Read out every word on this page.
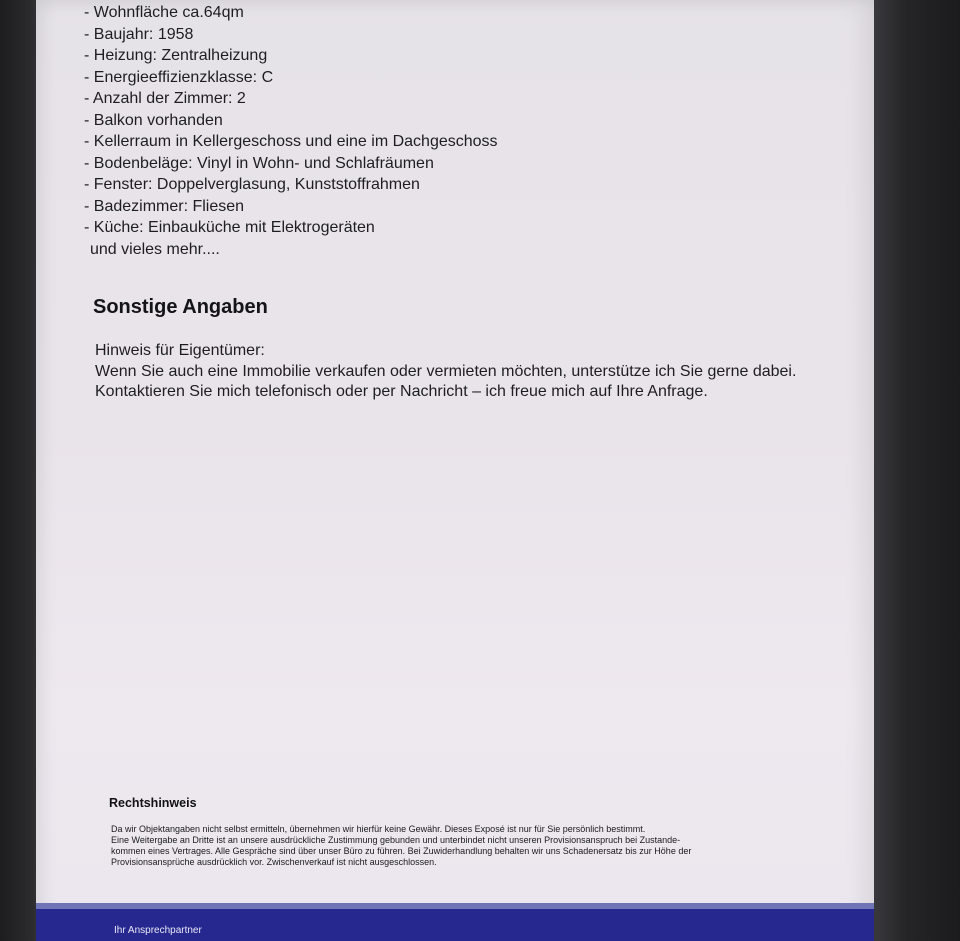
- Wohnfläche ca.64qm
- Baujahr: 1958
- Heizung: Zentralheizung
- Energieeffizienzklasse: C
- Anzahl der Zimmer: 2
- Balkon vorhanden
- Kellerraum in Kellergeschoss und eine im Dachgeschoss
- Bodenbeläge: Vinyl in Wohn- und Schlafräumen
- Fenster: Doppelverglasung, Kunststoffrahmen
- Badezimmer: Fliesen
- Küche: Einbauküche mit Elektrogeräten
und vieles mehr....
Sonstige Angaben
Hinweis für Eigentümer:
Wenn Sie auch eine Immobilie verkaufen oder vermieten möchten, unterstütze ich Sie gerne dabei.
Kontaktieren Sie mich telefonisch oder per Nachricht – ich freue mich auf Ihre Anfrage.
Rechtshinweis
Da wir Objektangaben nicht selbst ermitteln, übernehmen wir hierfür keine Gewähr. Dieses Exposé ist nur für Sie persönlich bestimmt.
Eine Weitergabe an Dritte ist an unsere ausdrückliche Zustimmung gebunden und unterbindet nicht unseren Provisionsanspruch bei Zustande-
kommen eines Vertrages. Alle Gespräche sind über unser Büro zu führen. Bei Zuwiderhandlung behalten wir uns Schadenersatz bis zur Höhe der
Provisionsansprüche ausdrücklich vor. Zwischenverkauf ist nicht ausgeschlossen.
Ihr Ansprechpartner
